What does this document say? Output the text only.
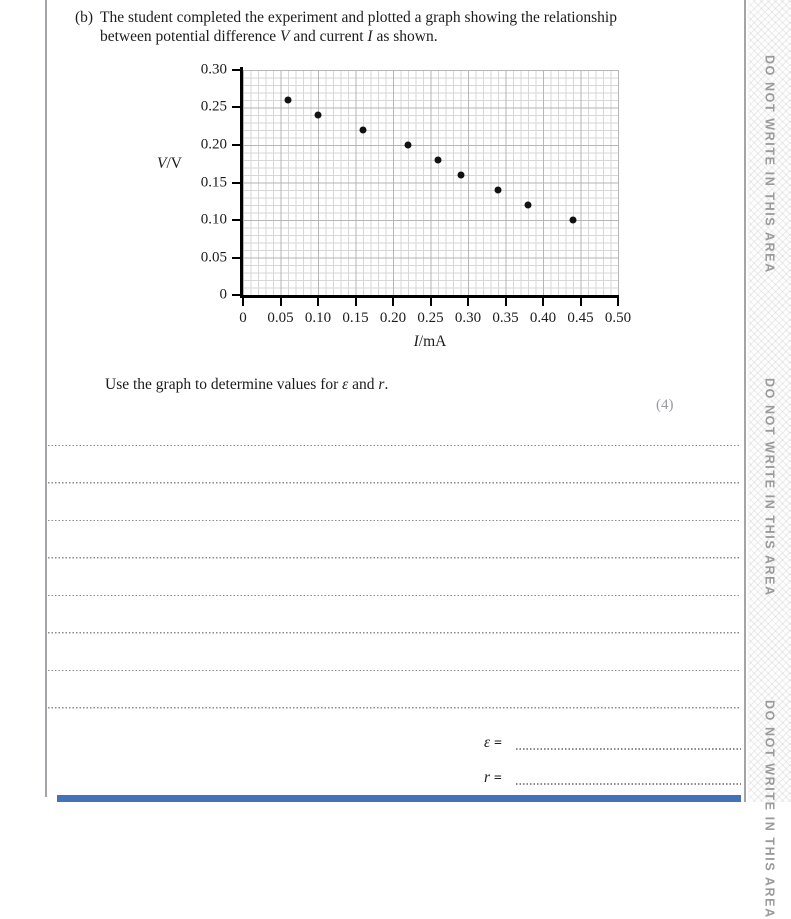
(b) The student completed the experiment and plotted a graph showing the relationship between potential difference V and current I as shown.
V/V
0 0.05 0.10 0.15 0.20 0.25 0.30 0.35 0.40 0.45 0.50
0
0.05
0.10
0.15
0.20
0.25
0.30
I/mA
Use the graph to determine values for ε and r.
(4)
ε =
r =
DO NOT WRITE IN THIS AREA
DO NOT WRITE IN THIS AREA
DO NOT WRITE IN THIS AREA
